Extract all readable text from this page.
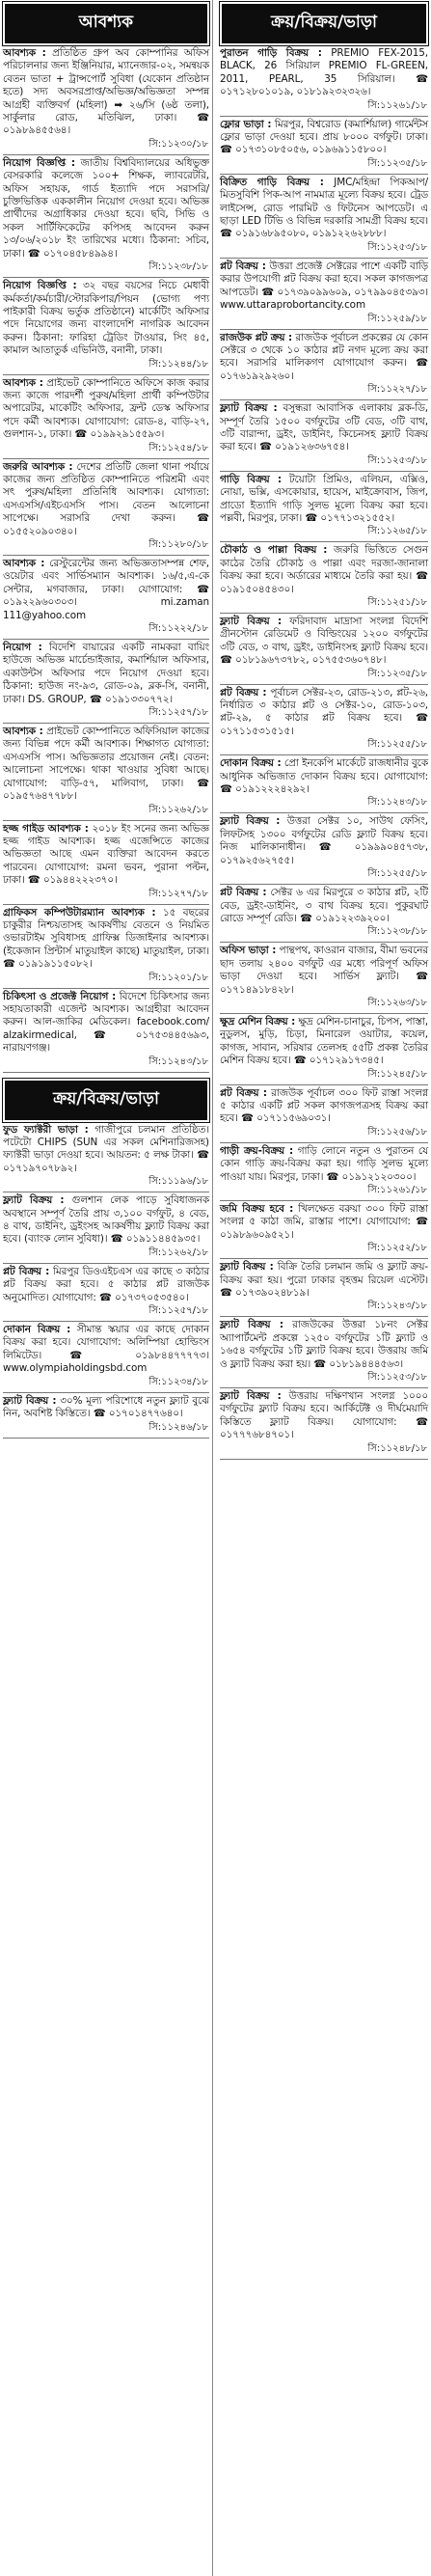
আবশ্যক
আবশ্যক : প্রতিষ্ঠিত গ্রুপ অব কোম্পানির অফিস পরিচালনার জন্য ইঞ্জিনিয়ার, ম্যানেজার-০২, সমন্বয়ক বেতন ভাতা + ট্রান্সপোর্ট সুবিধা (যেকোন প্রতিষ্ঠান হতে) সদ্য অবসরপ্রাপ্ত/অভিজ্ঞ/অভিজ্ঞতা সম্পন্ন আগ্রহী ব্যক্তিবর্গ (মহিলা) ➡ ২৬/সি (৬ষ্ঠ তলা), সার্কুলার রোড, মতিঝিল, ঢাকা। ☎ ০১৯৮৯৪৫৫৬৪।
সি:১১২৩০/১৮
নিয়োগ বিজ্ঞপ্তি : জাতীয় বিশ্ববিদ্যালয়ের অধিভুক্ত বেসরকারি কলেজে ১০০+ শিক্ষক, ল্যাবরেটরি, অফিস সহায়ক, গার্ড ইত্যাদি পদে সরাসরি/চুক্তিভিত্তিক এককালীন নিয়োগ দেওয়া হবে। অভিজ্ঞ প্রার্থীদের অগ্রাধিকার দেওয়া হবে। ছবি, সিভি ও সকল সার্টিফিকেটের কপিসহ আবেদন করুন ১৩/০৬/২০১৮ ইং তারিখের মধ্যে। ঠিকানা: সচিব, ঢাকা। ☎ ০১৭০৪৫৮৪৯৯৪।
সি:১১২৩৮/১৮
নিয়োগ বিজ্ঞপ্তি : ৩২ বছর বয়সের নিচে মেধাবী কর্মকর্তা/কর্মচারী/স্টোরকিপার/পিয়ন (ভোগ্য পণ্য পাইকারী বিক্রয় ভর্তুক প্রতিষ্ঠানে) মার্কেটিং অফিসার পদে নিয়োগের জন্য বাংলাদেশি নাগরিক আবেদন করুন। ঠিকানা: ফারিহা ট্রেডিং টাওয়ার, সিং ৪৫, কামাল আতাতুর্ক এভিনিউ, বনানী, ঢাকা।
সি:১১২৪৪/১৮
আবশ্যক : প্রাইভেট কোম্পানিতে অফিসে কাজ করার জন্য কাজে পারদর্শী পুরুষ/মহিলা প্রার্থী কম্পিউটার অপারেটর, মাকেটিং অফিসার, ফ্রন্ট ডেস্ক অফিসার পদে কর্মী আবশ্যক। যোগাযোগ: রোড-৪, বাড়ি-২৭, গুলশান-১, ঢাকা। ☎ ০১৯৯২৯১৫৫৯৩।
সি:১১২৫৪/১৮
জরুরি আবশ্যক : দেশের প্রতিটি জেলা থানা পর্যায়ে কাজের জন্য প্রতিষ্ঠিত কোম্পানিতে পরিশ্রমী এবং সৎ পুরুষ/মহিলা প্রতিনিধি আবশ্যক। যোগ্যতা: এসএসসি/এইচএসসি পাস। বেতন আলোচনা সাপেক্ষে। সরাসরি দেখা করুন। ☎ ০১৫৫২০৯০৩৪০।
সি:১১২৮০/১৮
আবশ্যক : রেস্টুরেন্টের জন্য অভিজ্ঞতাসম্পন্ন শেফ, ওয়েটার এবং সার্ভিসম্যান আবশ্যক। ১৬/৫,এ-কে সেন্টার, মগবাজার, ঢাকা। যোগাযোগ: ☎ ০১৯২২৯৬০৩০৩। mi.zaman 111@yahoo.com
সি:১১২২২/১৮
নিয়োগ : বিদেশি বায়ারের একটি নামকরা বায়িং হাউজে অভিজ্ঞ মার্চেন্ডাইজার, কমার্শিয়াল অফিসার, একাউন্টস অফিসার পদে নিয়োগ দেওয়া হবে। ঠিকানা: হাউজ নং-৯৩, রোড-০৯, ব্লক-সি, বনানী, ঢাকা। DS. GROUP, ☎ ০১৯১৩৩০৭৭২।
সি:১১২৫৭/১৮
আবশ্যক : প্রাইভেট কোম্পানিতে অফিসিয়াল কাজের জন্য বিভিন্ন পদে কর্মী আবশ্যক। শিক্ষাগত যোগ্যতা: এসএসসি পাস। অভিজ্ঞতার প্রয়োজন নেই। বেতন: আলোচনা সাপেক্ষে। থাকা খাওয়ার সুবিধা আছে। যোগাযোগ: বাড়ি-৫৭, মালিবাগ, ঢাকা। ☎ ০১৯৫৭৬৪৭৭৮৮।
সি:১১২৬২/১৮
হজ্জ গাইড আবশ্যক : ২০১৮ ইং সনের জন্য অভিজ্ঞ হজ্জ গাইড আবশ্যক। হজ্জ এজেন্সিতে কাজের অভিজ্ঞতা আছে এমন ব্যক্তিরা আবেদন করতে পারবেন। যোগাযোগ: রমনা ভবন, পুরানা পল্টন, ঢাকা। ☎ ০১৯৪৪২২২৩৭০।
সি:১১২৭৭/১৮
গ্রাফিকস কম্পিউটারম্যান আবশ্যক : ১৫ বছরের চাকুরীর নিশ্চয়তাসহ আকর্ষণীয় বেতনে ও নিয়মিত ওভারটাইম সুবিধাসহ গ্রাফিক্স ডিজাইনার আবশ্যক। (ইকেজান প্রিন্টার্স মাতুয়াইল কাছে) মাতুয়াইল, ঢাকা। ☎ ০১৯১৯১১৫০৮২।
সি:১১২০১/১৮
চিকিৎসা ও প্রজেক্ট নিয়োগ : বিদেশে চিকিৎসার জন্য সহায়তাকারী এজেন্ট আবশ্যক। আগ্রহীরা আবেদন করুন। আল-জাকির মেডিকেল। facebook.com/ alzakirmedical, ☎ ০১৭৫৩৪৪৫৬৯৩, নারায়ণগঞ্জ।
সি:১১২৪৩/১৮
ক্রয়/বিক্রয়/ভাড়া
ফুড ফ্যাক্টরী ভাড়া : গাজীপুরে চলমান প্রতিষ্ঠিত। পটেটো CHIPS (SUN এর সকল মেশিনারিজসহ) ফ্যাক্টরী ভাড়া দেওয়া হবে। আয়তন: ৫ লক্ষ টাকা। ☎ ০১৭১৯৭০৭৮৯২।
সি:১১১৯৬/১৮
ফ্ল্যাট বিক্রয় : গুলশান লেক পাড়ে সুবিধাজনক অবস্থানে সম্পূর্ণ তৈরি প্রায় ৩,১০০ বর্গফুট, ৪ বেড, ৪ বাথ, ডাইনিং, ড্রইংসহ আকর্ষণীয় ফ্ল্যাট বিক্রয় করা হবে। (ব্যাংক লোন সুবিধা)। ☎ ০১৯১১৪৪৫৯৩৫।
সি:১১২৬২/১৮
প্লট বিক্রয় : মিরপুর ডিওএইচএস এর কাছে ৩ কাঠার প্লট বিক্রয় করা হবে। ৫ কাঠার প্লট রাজউক অনুমোদিত। যোগাযোগ: ☎ ০১৭৩৭০৫৩৫৪০।
সি:১১২৫৭/১৮
দোকান বিক্রয় : সীমান্ত স্কয়ার এর কাছে দোকান বিক্রয় করা হবে। যোগাযোগ: অলিম্পিয়া হোল্ডিংস লিমিটেড। ☎ ০১৯৮৪৪৭৭৭৭৩। www.olympiaholdingsbd.com
সি:১১২৩৪/১৮
ফ্ল্যাট বিক্রয় : ৩০% মূল্য পরিশোধে নতুন ফ্ল্যাট বুঝে নিন, অবশিষ্ট কিস্তিতে। ☎ ০১৭০১৪৭৭৬৪০।
সি:১১২৪৬/১৮
ক্রয়/বিক্রয়/ভাড়া
পুরাতন গাড়ি বিক্রয় : PREMIO FEX-2015, BLACK, 26 সিরিয়াল PREMIO FL-GREEN, 2011, PEARL, 35 সিরিয়াল। ☎ ০১৭১২৮০১০১৯, ০১৮১৯২৩২৩২৬।
সি:১১২৬১/১৮
ফ্লোর ভাড়া : মিরপুর, বিশ্বরোড (কমার্শিয়াল) গার্মেন্টস ফ্লোর ভাড়া দেওয়া হবে। প্রায় ৮০০০ বর্গফুট। ঢাকা। ☎ ০১৭৩১০৮৫০৫৬, ০১৯৬৯১১৫৮০০।
সি:১১২৩৫/১৮
বিক্রিত গাড়ি বিক্রয় : JMC/মহিন্দ্রা পিকআপ/মিতসুবিশি পিক-আপ নামমাত্র মূল্যে বিক্রয় হবে। ট্রেড লাইসেন্স, রোড পারমিট ও ফিটনেস আপডেট। এ ছাড়া LED টিভি ও বিভিন্ন দরকারি সামগ্রী বিক্রয় হবে। ☎ ০১৯১৬৮৯৫০৮০, ০১৯১২২৬২৮৮৮।
সি:১১২৫৩/১৮
প্লট বিক্রয় : উত্তরা প্রজেক্ট সেক্টরের পাশে একটি বাড়ি করার উপযোগী প্লট বিক্রয় করা হবে। সকল কাগজপত্র আপডেট। ☎ ০১৭৩৯০৯৯৬০৯, ০১৭৯৯০৪৫৩৯৩। www.uttaraprobortancity.com
সি:১১২৫৯/১৮
রাজউক প্লট ক্রয় : রাজউক পূর্বাচল প্রকল্পের যে কোন সেক্টরে ৩ থেকে ১০ কাঠার প্লট নগদ মূল্যে ক্রয় করা হবে। সরাসরি মালিকগণ যোগাযোগ করুন। ☎ ০১৭৬১৯২৯২৬০।
সি:১১২২৭/১৮
ফ্ল্যাট বিক্রয় : বসুন্ধরা আবাসিক এলাকায় ব্লক-ডি, সম্পূর্ণ তৈরি ১৫০০ বর্গফুটের ৩টি বেড, ৩টি বাথ, ৩টি বারান্দা, ড্রইং, ডাইনিং, কিচেনসহ ফ্ল্যাট বিক্রয় করা হবে। ☎ ০১৯১২৬৩৬৭৫৪।
সি:১১২৫৩/১৮
গাড়ি বিক্রয় : টয়োটা প্রিমিও, এলিয়ন, এক্সিও, নোয়া, ভক্সি, এসকোয়ার, হায়েস, মাইক্রোবাস, জিপ, প্রাডো ইত্যাদি গাড়ি সুলভ মূল্যে বিক্রয় করা হবে। পল্লবী, মিরপুর, ঢাকা। ☎ ০১৭৭১৩২১৫৫২।
সি:১১২৬৫/১৮
চৌকাঠ ও পাল্লা বিক্রয় : জরুরি ভিত্তিতে সেগুন কাঠের তৈরি চৌকাঠ ও পাল্লা এবং দরজা-জানালা বিক্রয় করা হবে। অর্ডারের মাধ্যমে তৈরি করা হয়। ☎ ০১৯১৫০৪৫৪৩০।
সি:১১২৫১/১৮
ফ্ল্যাট বিক্রয় : ফরিদাবাদ মাদ্রাসা সংলগ্ন বিদেশি গ্রীনস্টোন রেডিমেট ও বিল্ডিংয়ের ১২০০ বর্গফুটের ৩টি বেড, ৩ বাথ, ড্রইং, ডাইনিংসহ ফ্ল্যাট বিক্রয় হবে। ☎ ০১৮১৯৬৭৩৭৮২, ০১৭৫৫৩৬০৭৪৮।
সি:১১২৩৫/১৮
প্লট বিক্রয় : পূর্বাচল সেক্টর-২৩, রোড-২১৩, প্লট-২৬, নির্ধারিত ৩ কাঠার প্লট ও সেক্টর-১০, রোড-১০৩, প্লট-২৯, ৫ কাঠার প্লট বিক্রয় হবে। ☎ ০১৭১১৫৩১৫১৫।
সি:১১২৫৫/১৮
দোকান বিক্রয় : প্রো ইনকেপি মার্কেটে রাজধানীর বুকে আধুনিক অভিজাত দোকান বিক্রয় হবে। যোগাযোগ: ☎ ০১৯১২২২৪২৯২।
সি:১১২৪৩/১৮
ফ্ল্যাট বিক্রয় : উত্তরা সেক্টর ১০, সাউথ ফেসিং, লিফটসহ ১৩০০ বর্গফুটের রেডি ফ্ল্যাট বিক্রয় হবে। নিজ মালিকানাধীন। ☎ ০১৯৯৯০৪৫৭৩৮, ০১৭৯২৫৬২৭৫৫।
সি:১১২৫৫/১৮
প্লট বিক্রয় : সেক্টর ৬ এর মিরপুরে ৩ কাঠার প্লট, ২টি বেড, ড্রইং-ডাইনিং, ৩ বাথ বিক্রয় হবে। পুকুরঘাট রোডে সম্পূর্ণ রেডি। ☎ ০১৯১২২৩৯২০০।
সি:১১২৩৮/১৮
অফিস ভাড়া : পান্থপথ, কাওরান বাজার, বীমা ভবনের ছাদ তলায় ২৪০০ বর্গফুট এর মধ্যে পরিপূর্ণ অফিস ভাড়া দেওয়া হবে। সার্ভিস ফ্ল্যাট। ☎ ০১৭১৪৯১৮৪২৮।
সি:১১২৬৩/১৮
ক্ষুদ্র মেশিন বিক্রয় : ক্ষুদ্র মেশিন-চানাচুর, চিপস, পাস্তা, নুডুলস, মুড়ি, চিড়া, মিনারেল ওয়াটার, কয়েল, কাগজ, সাবান, সরিষার তেলসহ ৫৫টি প্রকল্প তৈরির মেশিন বিক্রয় হবে। ☎ ০১৭১২৯১৭৩৪৫।
সি:১১২৪৫/১৮
প্লট বিক্রয় : রাজউক পূর্বাচল ৩০০ ফিট রাস্তা সংলগ্ন ৫ কাঠার একটি প্লট সকল কাগজপত্রসহ বিক্রয় করা হবে। ☎ ০১৭১১৫৬৯০৩১।
সি:১১২৫৬/১৮
গাড়ী ক্রয়-বিক্রয় : গাড়ি লোনে নতুন ও পুরাতন যে কোন গাড়ি ক্রয়-বিক্রয় করা হয়। গাড়ি সুলভ মূল্যে পাওয়া যায়। মিরপুর, ঢাকা। ☎ ০১৯১২১২০৩০০।
সি:১১২৬১/১৮
জমি বিক্রয় হবে : খিলক্ষেত বরুয়া ৩০০ ফিট রাস্তা সংলগ্ন ৫ কাঠা জমি, রাস্তার পাশে। যোগাযোগ: ☎ ০১৯৮৯৬০৯৫২১।
সি:১১২৫২/১৮
ফ্ল্যাট বিক্রয় : বিক্রি তৈরি চলমান জমি ও ফ্ল্যাট ক্রয়-বিক্রয় করা হয়। পুরো ঢাকার বৃহত্তম রিয়েল এস্টেট। ☎ ০১৭৩৯০২৪৮১৯।
সি:১১২৪৩/১৮
ফ্ল্যাট বিক্রয় : রাজউকের উত্তরা ১৮নং সেক্টর অ্যাপার্টমেন্ট প্রকল্পে ১২৫০ বর্গফুটের ১টি ফ্ল্যাট ও ১৬৫৪ বর্গফুটের ১টি ফ্ল্যাট বিক্রয় হবে। উত্তরায় জমি ও ফ্ল্যাট বিক্রয় করা হয়। ☎ ০১৮১৯৪৪৪৫৬৩।
সি:১১২৫৩/১৮
ফ্ল্যাট বিক্রয় : উত্তরায় দক্ষিণখান সংলগ্ন ১০০০ বর্গফুটের ফ্ল্যাট বিক্রয় হবে। আর্কিটেক্ট ও দীর্ঘমেয়াদি কিস্তিতে ফ্ল্যাট বিক্রয়। যোগাযোগ: ☎ ০১৭৭৭৬৮৪৭০১।
সি:১১২৪৮/১৮
